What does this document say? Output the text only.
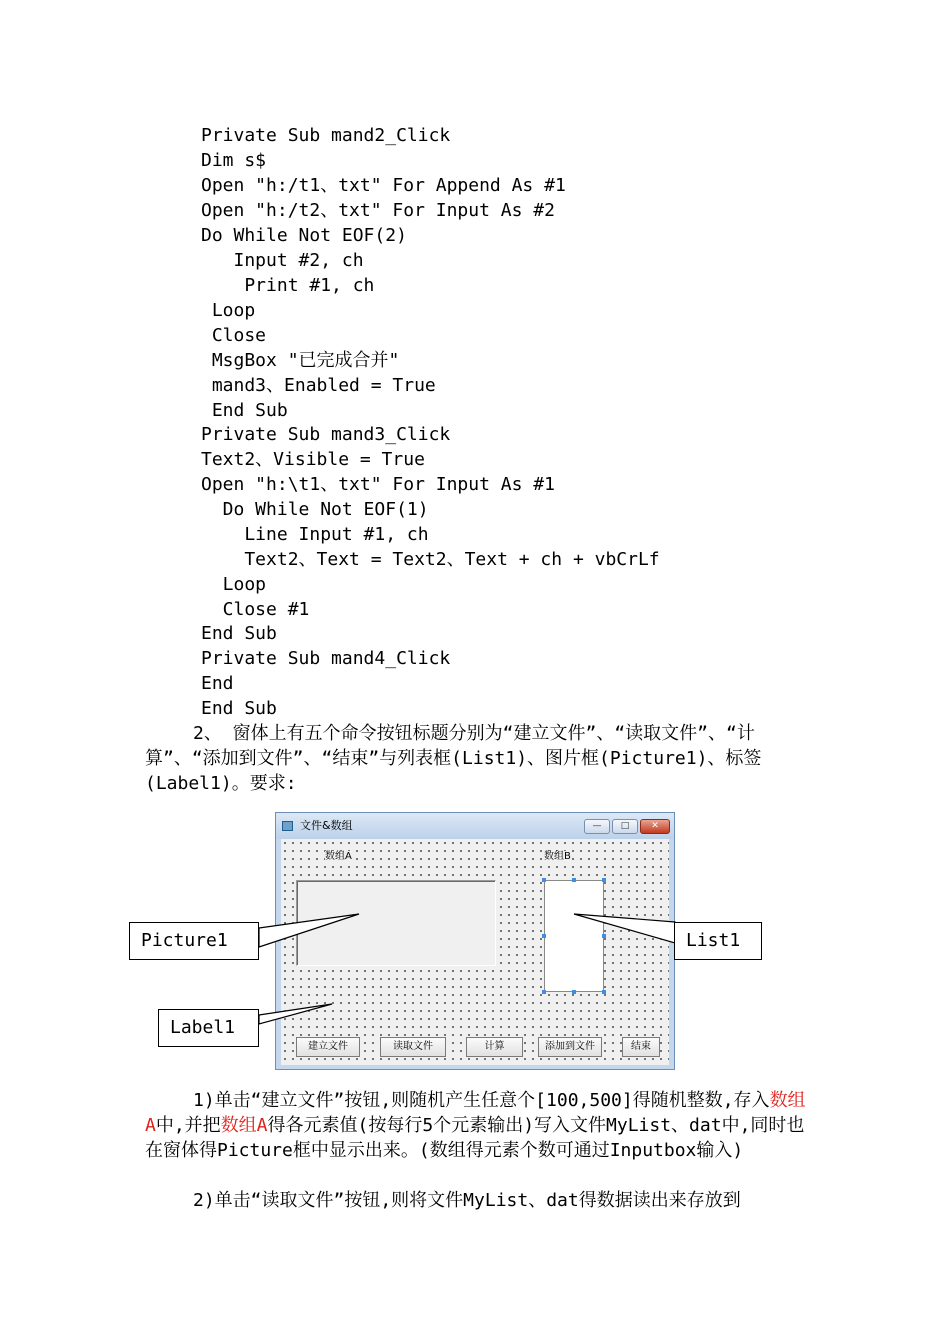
Private Sub mand2_Click
Dim s$
Open "h:/t1、txt" For Append As #1
Open "h:/t2、txt" For Input As #2
Do While Not EOF(2)
Input #2, ch
Print #1, ch
Loop
Close
MsgBox "已完成合并"
mand3、Enabled = True
End Sub
Private Sub mand3_Click
Text2、Visible = True
Open "h:\t1、txt" For Input As #1
Do While Not EOF(1)
Line Input #1, ch
Text2、Text = Text2、Text + ch + vbCrLf
Loop
Close #1
End Sub
Private Sub mand4_Click
End
End Sub
2、 窗体上有五个命令按钮标题分别为“建立文件”、“读取文件”、“计算”、“添加到文件”、“结束”与列表框(List1)、图片框(Picture1)、标签(Label1)。要求:
文件&数组	—	□	✕
数组A	数组B
建立文件	读取文件	计算	添加到文件	结束
Picture1	List1
Label1
1)单击“建立文件”按钮,则随机产生任意个[100,500]得随机整数,存入数组A中,并把数组A得各元素值(按每行5个元素输出)写入文件MyList、dat中,同时也在窗体得Picture框中显示出来。(数组得元素个数可通过Inputbox输入)
2)单击“读取文件”按钮,则将文件MyList、dat得数据读出来存放到
